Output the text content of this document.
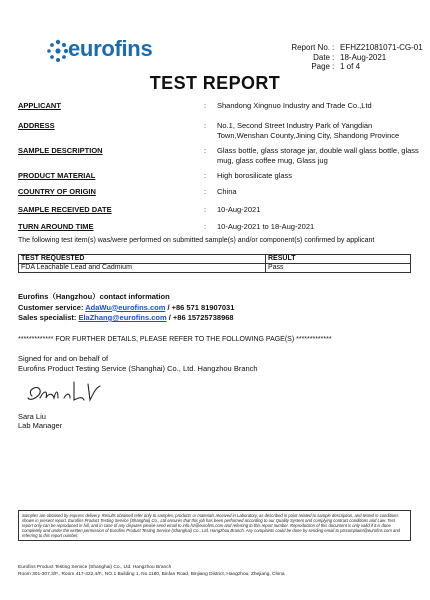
eurofins	Report No. : EFHZ21081071-CG-01
Date : 18-Aug-2021
Page : 1 of 4
TEST REPORT
APPLICANT	: Shandong Xingnuo Industry and Trade Co.,Ltd
ADDRESS	: No.1, Second Street Industry Park of Yangdian Town,Wenshan County,Jining City, Shandong Province
SAMPLE DESCRIPTION	: Glass bottle, glass storage jar, double wall glass bottle, glass mug, glass coffee mug, Glass jug
PRODUCT MATERIAL	: High borosilicate glass
COUNTRY OF ORIGIN	: China
SAMPLE RECEIVED DATE	: 10-Aug-2021
TURN AROUND TIME	: 10-Aug-2021 to 18-Aug-2021
The following test item(s) was/were performed on submitted sample(s) and/or component(s) confirmed by applicant
TEST REQUESTED	RESULT
FDA Leachable Lead and Cadmium	Pass
Eurofins（Hangzhou）contact information
Customer service: AdaWu@eurofins.com / +86 571 81907031
Sales specialist: ElaZhang@eurofins.com / +86 15725738968
************* FOR FURTHER DETAILS, PLEASE REFER TO THE FOLLOWING PAGE(S) *************
Signed for and on behalf of
Eurofins Product Testing Service (Shanghai) Co., Ltd. Hangzhou Branch
Sara Liu
Lab Manager
Samples are obtained by express delivery. Results obtained refer only to samples, products or materials received in Laboratory, as described in point related to sample description, and tested in conditions shown in present report. Eurofins Product Testing Service (Shanghai) Co., Ltd ensures that this job has been performed according to our Quality System and complying contract conditions and Law. Test report only can be reproduced in full, and in case of any disputes please send email to info.hz@eurofins.com and referring to this report number. Reproduction of this document is only valid if it is done completely and under the written permission of Eurofins Product Testing Service (Shanghai) Co., Ltd. Hangzhou Branch. Any complaints could be done by sending email to ptscomplaint@eurofins.com and referring to this report number.
Eurofins Product Testing Service (Shanghai) Co., Ltd. Hangzhou Branch
Room 301-307,3/F., Room 417-422,4/F., NO.1 Building 1, No.1180, Binfan Road, Binjiang District, Hangzhou, Zhejiang, China
